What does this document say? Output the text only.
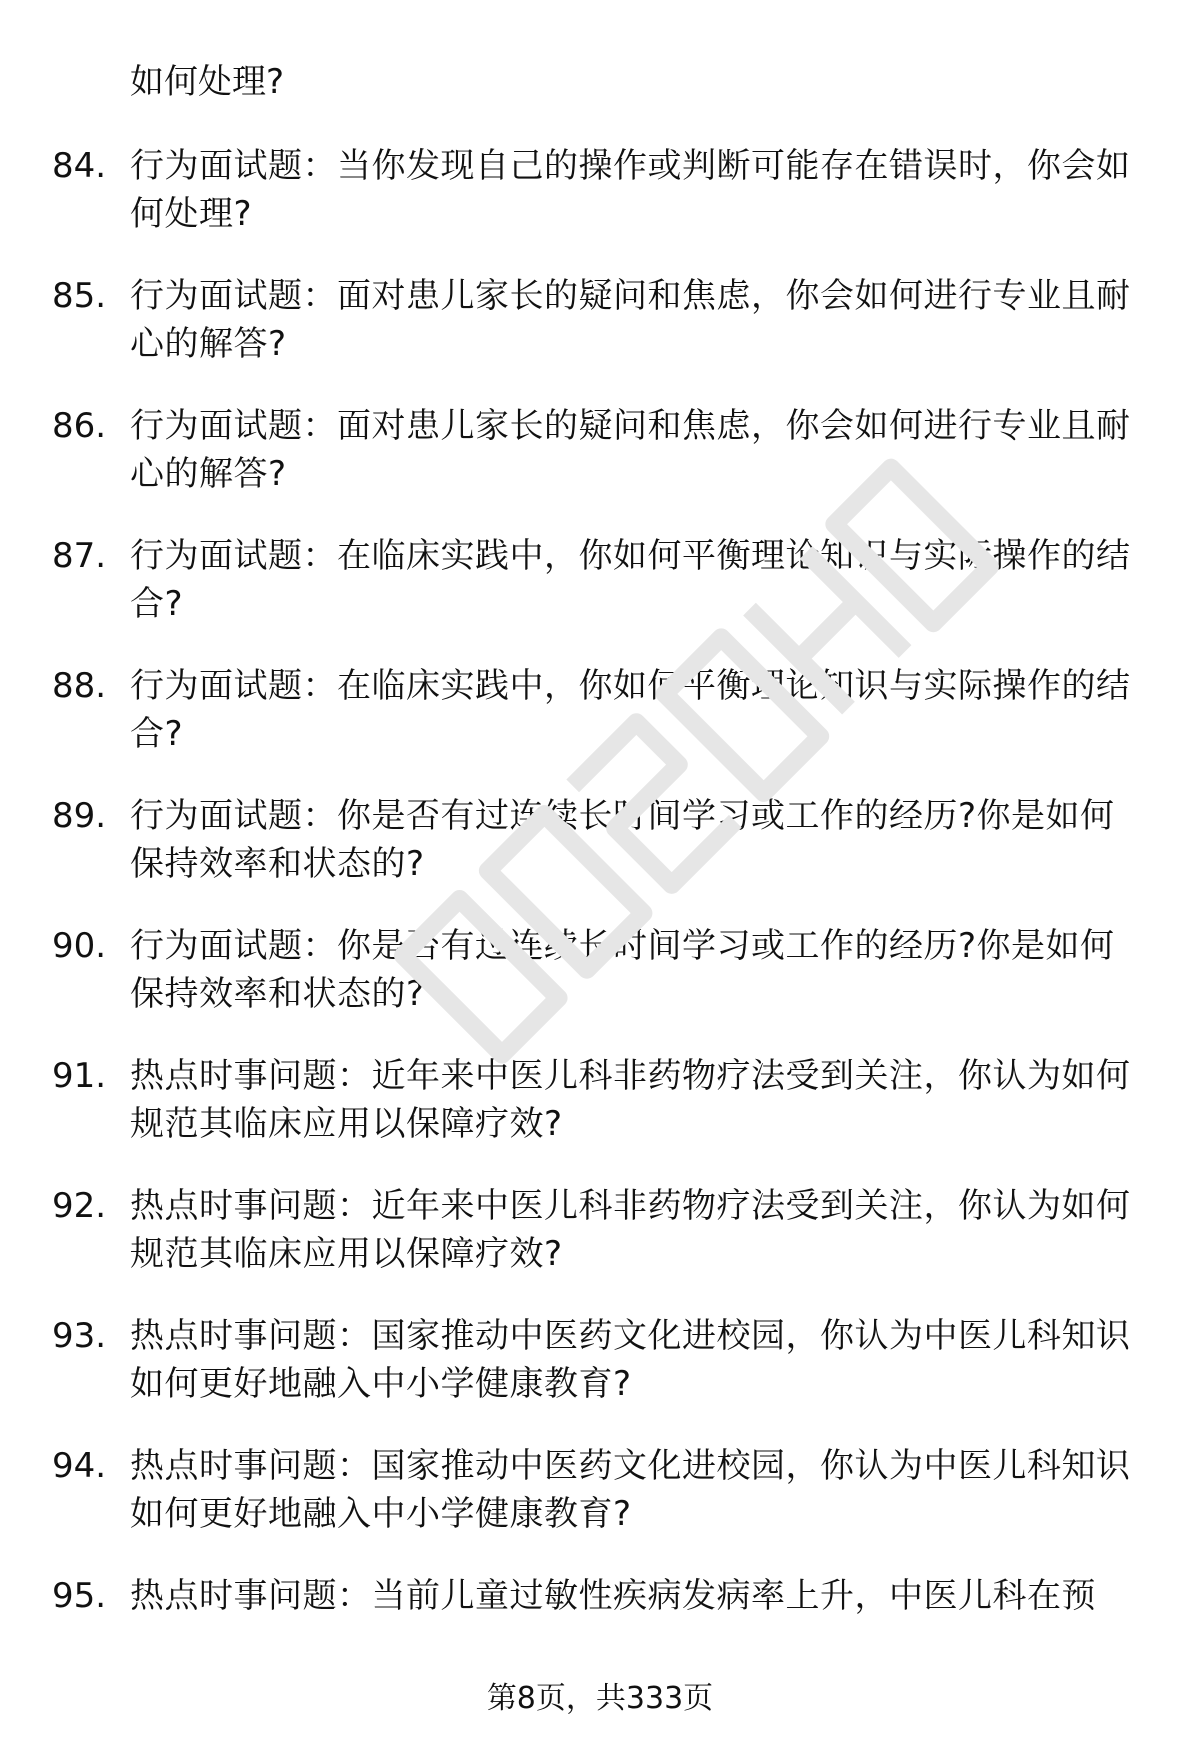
如何处理?
84. 行为面试题：当你发现自己的操作或判断可能存在错误时，你会如何处理?
85. 行为面试题：面对患儿家长的疑问和焦虑，你会如何进行专业且耐心的解答?
86. 行为面试题：面对患儿家长的疑问和焦虑，你会如何进行专业且耐心的解答?
87. 行为面试题：在临床实践中，你如何平衡理论知识与实际操作的结合?
88. 行为面试题：在临床实践中，你如何平衡理论知识与实际操作的结合?
89. 行为面试题：你是否有过连续长时间学习或工作的经历?你是如何保持效率和状态的?
90. 行为面试题：你是否有过连续长时间学习或工作的经历?你是如何保持效率和状态的?
91. 热点时事问题：近年来中医儿科非药物疗法受到关注，你认为如何规范其临床应用以保障疗效?
92. 热点时事问题：近年来中医儿科非药物疗法受到关注，你认为如何规范其临床应用以保障疗效?
93. 热点时事问题：国家推动中医药文化进校园，你认为中医儿科知识如何更好地融入中小学健康教育?
94. 热点时事问题：国家推动中医药文化进校园，你认为中医儿科知识如何更好地融入中小学健康教育?
95. 热点时事问题：当前儿童过敏性疾病发病率上升，中医儿科在预
第8页，共333页
